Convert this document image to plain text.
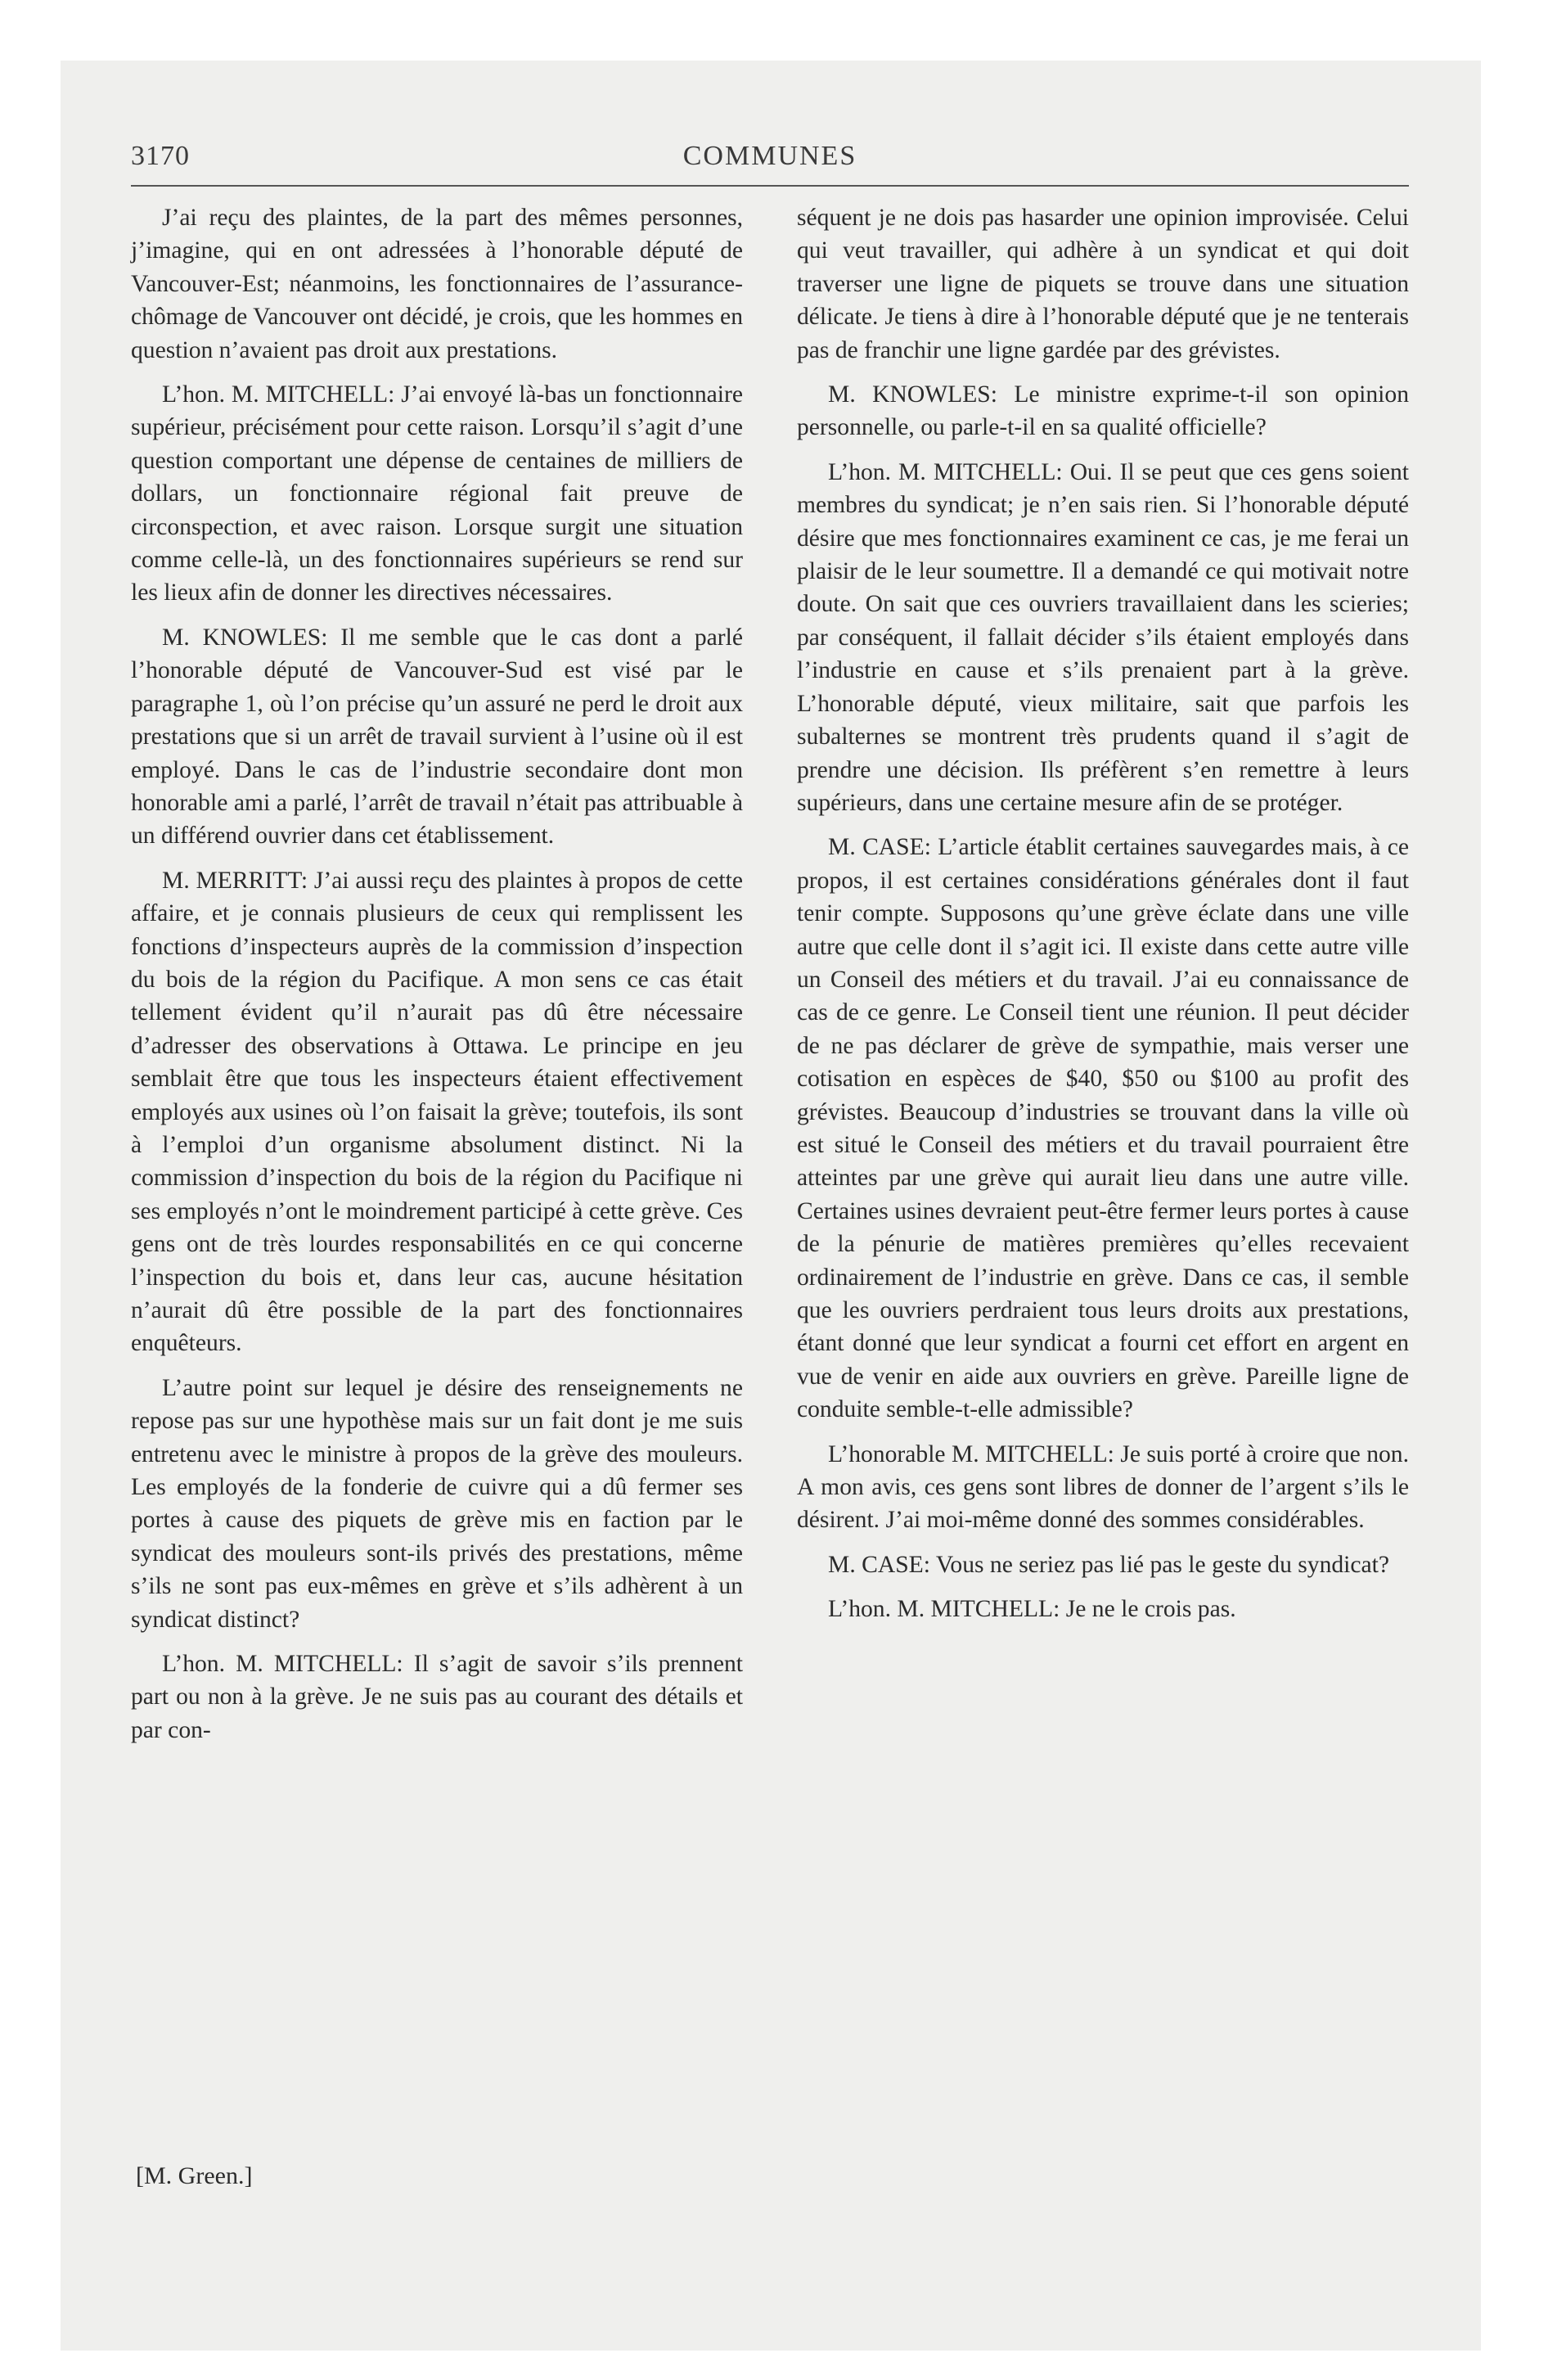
3170	COMMUNES

J’ai reçu des plaintes, de la part des mêmes personnes, j’imagine, qui en ont adressées à l’honorable député de Vancouver-Est; néanmoins, les fonctionnaires de l’assurance-chômage de Vancouver ont décidé, je crois, que les hommes en question n’avaient pas droit aux prestations.

L’hon. M. MITCHELL: J’ai envoyé là-bas un fonctionnaire supérieur, précisément pour cette raison. Lorsqu’il s’agit d’une question comportant une dépense de centaines de milliers de dollars, un fonctionnaire régional fait preuve de circonspection, et avec raison. Lorsque surgit une situation comme celle-là, un des fonctionnaires supérieurs se rend sur les lieux afin de donner les directives nécessaires.

M. KNOWLES: Il me semble que le cas dont a parlé l’honorable député de Vancouver-Sud est visé par le paragraphe 1, où l’on précise qu’un assuré ne perd le droit aux prestations que si un arrêt de travail survient à l’usine où il est employé. Dans le cas de l’industrie secondaire dont mon honorable ami a parlé, l’arrêt de travail n’était pas attribuable à un différend ouvrier dans cet établissement.

M. MERRITT: J’ai aussi reçu des plaintes à propos de cette affaire, et je connais plusieurs de ceux qui remplissent les fonctions d’inspecteurs auprès de la commission d’inspection du bois de la région du Pacifique. A mon sens ce cas était tellement évident qu’il n’aurait pas dû être nécessaire d’adresser des observations à Ottawa. Le principe en jeu semblait être que tous les inspecteurs étaient effectivement employés aux usines où l’on faisait la grève; toutefois, ils sont à l’emploi d’un organisme absolument distinct. Ni la commission d’inspection du bois de la région du Pacifique ni ses employés n’ont le moindrement participé à cette grève. Ces gens ont de très lourdes responsabilités en ce qui concerne l’inspection du bois et, dans leur cas, aucune hésitation n’aurait dû être possible de la part des fonctionnaires enquêteurs.

L’autre point sur lequel je désire des renseignements ne repose pas sur une hypothèse mais sur un fait dont je me suis entretenu avec le ministre à propos de la grève des mouleurs. Les employés de la fonderie de cuivre qui a dû fermer ses portes à cause des piquets de grève mis en faction par le syndicat des mouleurs sont-ils privés des prestations, même s’ils ne sont pas eux-mêmes en grève et s’ils adhèrent à un syndicat distinct?

L’hon. M. MITCHELL: Il s’agit de savoir s’ils prennent part ou non à la grève. Je ne suis pas au courant des détails et par con-

[M. Green.]

séquent je ne dois pas hasarder une opinion improvisée. Celui qui veut travailler, qui adhère à un syndicat et qui doit traverser une ligne de piquets se trouve dans une situation délicate. Je tiens à dire à l’honorable député que je ne tenterais pas de franchir une ligne gardée par des grévistes.

M. KNOWLES: Le ministre exprime-t-il son opinion personnelle, ou parle-t-il en sa qualité officielle?

L’hon. M. MITCHELL: Oui. Il se peut que ces gens soient membres du syndicat; je n’en sais rien. Si l’honorable député désire que mes fonctionnaires examinent ce cas, je me ferai un plaisir de le leur soumettre. Il a demandé ce qui motivait notre doute. On sait que ces ouvriers travaillaient dans les scieries; par conséquent, il fallait décider s’ils étaient employés dans l’industrie en cause et s’ils prenaient part à la grève. L’honorable député, vieux militaire, sait que parfois les subalternes se montrent très prudents quand il s’agit de prendre une décision. Ils préfèrent s’en remettre à leurs supérieurs, dans une certaine mesure afin de se protéger.

M. CASE: L’article établit certaines sauvegardes mais, à ce propos, il est certaines considérations générales dont il faut tenir compte. Supposons qu’une grève éclate dans une ville autre que celle dont il s’agit ici. Il existe dans cette autre ville un Conseil des métiers et du travail. J’ai eu connaissance de cas de ce genre. Le Conseil tient une réunion. Il peut décider de ne pas déclarer de grève de sympathie, mais verser une cotisation en espèces de $40, $50 ou $100 au profit des grévistes. Beaucoup d’industries se trouvant dans la ville où est situé le Conseil des métiers et du travail pourraient être atteintes par une grève qui aurait lieu dans une autre ville. Certaines usines devraient peut-être fermer leurs portes à cause de la pénurie de matières premières qu’elles recevaient ordinairement de l’industrie en grève. Dans ce cas, il semble que les ouvriers perdraient tous leurs droits aux prestations, étant donné que leur syndicat a fourni cet effort en argent en vue de venir en aide aux ouvriers en grève. Pareille ligne de conduite semble-t-elle admissible?

L’honorable M. MITCHELL: Je suis porté à croire que non. A mon avis, ces gens sont libres de donner de l’argent s’ils le désirent. J’ai moi-même donné des sommes considérables.

M. CASE: Vous ne seriez pas lié pas le geste du syndicat?

L’hon. M. MITCHELL: Je ne le crois pas.
